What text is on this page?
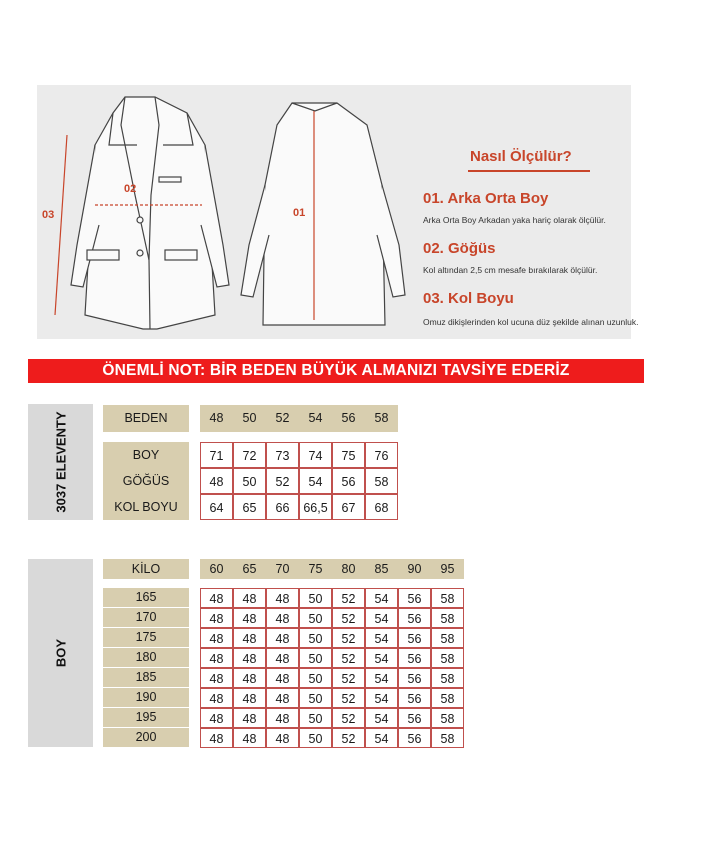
02
03	01
Nasıl Ölçülür?
01. Arka Orta Boy
Arka Orta Boy Arkadan yaka hariç olarak ölçülür.
02. Göğüs
Kol altından 2,5 cm mesafe bırakılarak ölçülür.
03. Kol Boyu
Omuz dikişlerinden kol ucuna düz şekilde alınan uzunluk.
ÖNEMLİ NOT: BİR BEDEN BÜYÜK ALMANIZI TAVSİYE EDERİZ
3037 ELEVENTY	BEDEN	48	50	52	54	56	58
BOY	71	72	73	74	75	76
GÖĞÜS	48	50	52	54	56	58
KOL BOYU	64	65	66	66,5	67	68
BOY
KİLO	60	65	70	75	80	85	90	95
165	48	48	48	50	52	54	56	58
170	48	48	48	50	52	54	56	58
175	48	48	48	50	52	54	56	58
180	48	48	48	50	52	54	56	58
185	48	48	48	50	52	54	56	58
190	48	48	48	50	52	54	56	58
195	48	48	48	50	52	54	56	58
200	48	48	48	50	52	54	56	58
